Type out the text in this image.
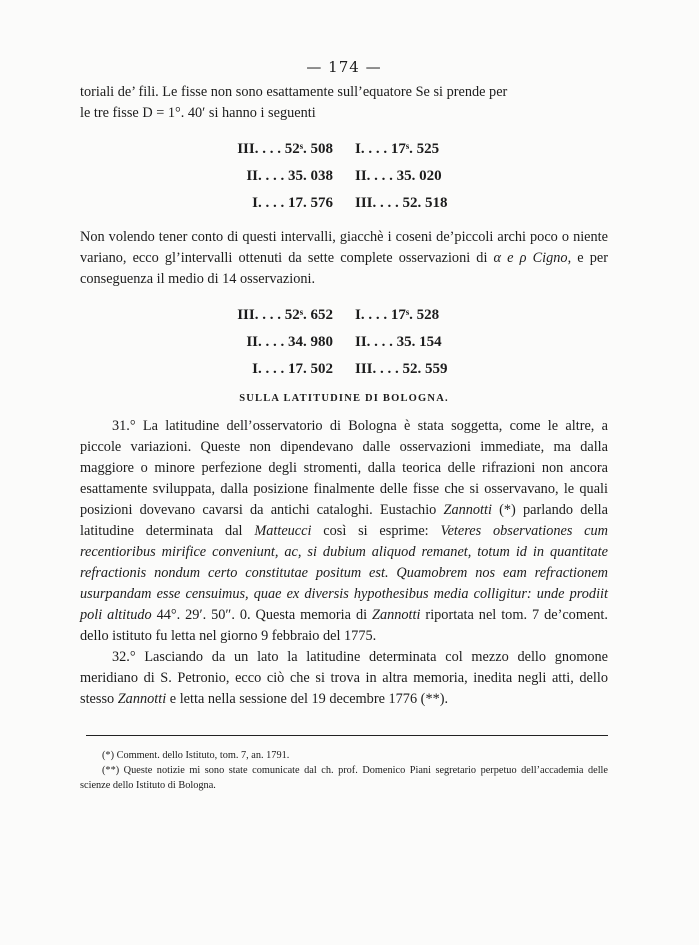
— 174 —

toriali de’ fili. Le fisse non sono esattamente sull’equatore Se si prende per
le tre fisse D = 1°. 40′ si hanno i seguenti

III. . . . 52ˢ. 508	I. . . . 17ˢ. 525
II. . . . 35. 038	II. . . . 35. 020
I. . . . 17. 576	III. . . . 52. 518

Non volendo tener conto di questi intervalli, giacchè i coseni de’piccoli archi poco o niente variano, ecco gl’intervalli ottenuti da sette complete osservazioni di α e ρ Cigno, e per conseguenza il medio di 14 osservazioni.

III. . . . 52ˢ. 652	I. . . . 17ˢ. 528
II. . . . 34. 980	II. . . . 35. 154
I. . . . 17. 502	III. . . . 52. 559
SULLA LATITUDINE DI BOLOGNA.

31.° La latitudine dell’osservatorio di Bologna è stata soggetta, come le altre, a piccole variazioni. Queste non dipendevano dalle osservazioni immediate, ma dalla maggiore o minore perfezione degli stromenti, dalla teorica delle rifrazioni non ancora esattamente sviluppata, dalla posizione finalmente delle fisse che si osservavano, le quali posizioni dovevano cavarsi da antichi cataloghi. Eustachio Zannotti (*) parlando della latitudine determinata dal Matteucci così si esprime: Veteres observationes cum recentioribus mirifice conveniunt, ac, si dubium aliquod remanet, totum id in quantitate refractionis nondum certo constitutae positum est. Quamobrem nos eam refractionem usurpandam esse censuimus, quae ex diversis hypothesibus media colligitur: unde prodiit poli altitudo 44°. 29′. 50″. 0. Questa memoria di Zannotti riportata nel tom. 7 de’coment. dello istituto fu letta nel giorno 9 febbraio del 1775.

32.° Lasciando da un lato la latitudine determinata col mezzo dello gnomone meridiano di S. Petronio, ecco ciò che si trova in altra memoria, inedita negli atti, dello stesso Zannotti e letta nella sessione del 19 decembre 1776 (**).

(*) Comment. dello Istituto, tom. 7, an. 1791.

(**) Queste notizie mi sono state comunicate dal ch. prof. Domenico Piani segretario perpetuo dell’accademia delle scienze dello Istituto di Bologna.
